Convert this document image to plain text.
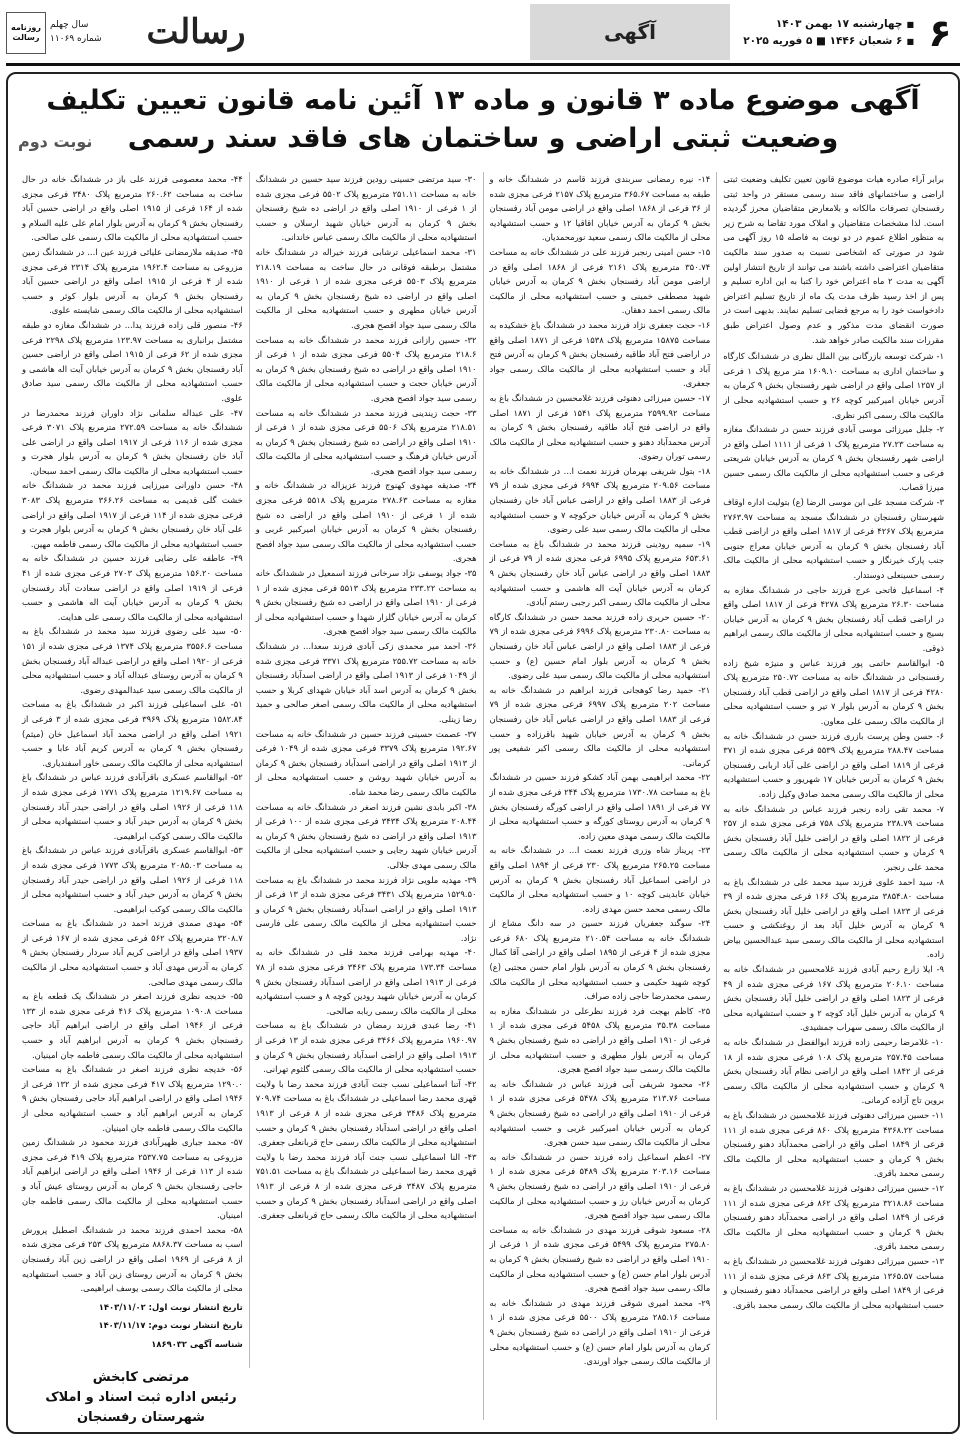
۶
■ چهارشنبه ۱۷ بهمن ۱۴۰۳
■ ۶ شعبان ۱۴۴۶ ■ ۵ فوریه ۲۰۲۵
آگهی
رسالت
سال چهلم
شماره ۱۱۰۶۹
روزنامه رسالت
آگهی موضوع ماده ۳ قانون و ماده ۱۳ آئین نامه قانون تعیین تکلیف وضعیت ثبتی اراضی و ساختمان های فاقد سند رسمی
نوبت دوم

برابر آراء صادره هیات موضوع قانون تعیین تکلیف وضعیت ثبتی اراضی و ساختمانهای فاقد سند رسمی مستقر در واحد ثبتی رفسنجان تصرفات مالکانه و بلامعارض متقاضیان محرز گردیده است. لذا مشخصات متقاضیان و املاک مورد تقاضا به شرح زیر به منظور اطلاع عموم در دو نوبت به فاصله ۱۵ روز آگهی می شود در صورتی که اشخاصی نسبت به صدور سند مالکیت متقاضیان اعتراضی داشته باشند می توانند از تاریخ انتشار اولین آگهی به مدت ۲ ماه اعتراض خود را کتبا به این اداره تسلیم و پس از اخذ رسید ظرف مدت یک ماه از تاریخ تسلیم اعتراض دادخواست خود را به مرجع قضایی تسلیم نمایند. بدیهی است در صورت انقضای مدت مذکور و عدم وصول اعتراض طبق مقررات سند مالکیت صادر خواهد شد.

۱- شرکت توسعه بازرگانی بین الملل نظری در ششدانگ کارگاه و ساختمان اداری به مساحت ۱۶۰۹.۱۰ متر مربع پلاک ۱ فرعی از ۱۲۵۷ اصلی واقع در اراضی شهر رفسنجان بخش ۹ کرمان به آدرس خیابان امیرکبیر کوچه ۲۶ و حسب استشهادیه محلی از مالکیت مالک رسمی اکبر نظری.

۲- جلیل میرزائی موسی آبادی فرزند حسن در ششدانگ مغازه به مساحت ۲۷.۲۳ مترمربع پلاک ۱ فرعی از ۱۱۱۱ اصلی واقع در اراضی شهر رفسنجان بخش ۹ کرمان به آدرس خیابان شریعتی فرعی و حسب استشهادیه محلی از مالکیت مالک رسمی حسین میرزا قصاب.

۳- شرکت مسجد علی ابن موسی الرضا (ع) بتولیت اداره اوقاف شهرستان رفسنجان در ششدانگ مسجد به مساحت ۲۷۶۳.۹۷ مترمربع پلاک ۴۲۶۷ فرعی از ۱۸۱۷ اصلی واقع در اراضی قطب آباد رفسنجان بخش ۹ کرمان به آدرس خیابان معراج جنوبی جنب پارک خیرنگار و حسب استشهادیه محلی از مالکیت مالک رسمی حسینعلی دوستدار.

۴- اسماعیل فاتحی عرج فرزند حاجی در ششدانگ مغازه به مساحت ۲۶.۳۰ مترمربع پلاک ۴۲۷۸ فرعی از ۱۸۱۷ اصلی واقع در اراضی قطب آباد رفسنجان بخش ۹ کرمان به آدرس خیابان بسیج و حسب استشهادیه محلی از مالکیت مالک رسمی ابراهیم ذوقی.

۵- ابوالقاسم حاتمی پور فرزند عباس و منیژه شیخ زاده رفسنجانی در ششدانگ خانه به مساحت ۲۵۰.۷۲ مترمربع پلاک ۴۲۸۰ فرعی از ۱۸۱۷ اصلی واقع در اراضی قطب آباد رفسنجان بخش ۹ کرمان به آدرس بلوار ۷ تیر و حسب استشهادیه محلی از مالکیت مالک رسمی علی معاون.

۶- حسن وطن پرست بازری فرزند حسن در ششدانگ خانه به مساحت ۲۸۸.۴۷ مترمربع پلاک ۵۵۳۹ فرعی مجزی شده از ۳۷۱ فرعی از ۱۸۱۹ اصلی واقع در اراضی علی آباد اربابی رفسنجان بخش ۹ کرمان به آدرس خیابان ۱۷ شهریور و حسب استشهادیه محلی از مالکیت مالک رسمی محمد صادق وکیل زاده.

۷- محمد تقی زاده رنجبر فرزند عباس در ششدانگ خانه به مساحت ۲۳۸.۷۹ مترمربع پلاک ۷۵۸ فرعی مجزی شده از ۲۵۷ فرعی از ۱۸۲۲ اصلی واقع در اراضی خلیل آباد رفسنجان بخش ۹ کرمان و حسب استشهادیه محلی از مالکیت مالک رسمی محمد علی رنجبر.

۸- سید احمد علوی فرزند سید محمد علی در ششدانگ باغ به مساحت ۳۸۵۴.۸۰ مترمربع پلاک ۱۶۶ فرعی مجزی شده از ۳۹ فرعی از ۱۸۲۳ اصلی واقع در اراضی خلیل آباد رفسنجان بخش ۹ کرمان به آدرس خلیل آباد بعد از روغنکشی و حسب استشهادیه محلی از مالکیت مالک رسمی سید عبدالحسین بیاض زاده.

۹- ایلا زارع رحیم آبادی فرزند غلامحسین در ششدانگ خانه به مساحت ۲۰۶.۱۰ مترمربع پلاک ۱۶۷ فرعی مجزی شده از ۴۹ فرعی از ۱۸۲۳ اصلی واقع در اراضی خلیل آباد رفسنجان بخش ۹ کرمان به آدرس خلیل آباد کوچه ۲ و حسب استشهادیه محلی از مالکیت مالک رسمی سهراب جمشیدی.

۱۰- غلامرضا رحیمی زاده فرزند ابوالفضل در ششدانگ خانه به مساحت ۲۵۷.۴۵ مترمربع پلاک ۱۰۸ فرعی مجزی شده از ۱۸ فرعی از ۱۸۴۲ اصلی واقع در اراضی نظام آباد رفسنجان بخش ۹ کرمان و حسب استشهادیه محلی از مالکیت مالک رسمی بروین تاج آزاده کرمانی.

۱۱- حسین میرزائی دهنوئی فرزند غلامحسین در ششدانگ باغ به مساحت ۴۳۶۸.۲۲ مترمربع پلاک ۸۶۰ فرعی مجزی شده از ۱۱۱ فرعی از ۱۸۴۹ اصلی واقع در اراضی محمدآباد دهنو رفسنجان بخش ۹ کرمان و حسب استشهادیه محلی از مالکیت مالک رسمی محمد باقری.

۱۲- حسین میرزائی دهنوئی فرزند غلامحسین در ششدانگ باغ به مساحت ۳۲۱۸.۸۶ مترمربع پلاک ۸۶۲ فرعی مجزی شده از ۱۱۱ فرعی از ۱۸۴۹ اصلی واقع در اراضی محمدآباد دهنو رفسنجان بخش ۹ کرمان و حسب استشهادیه محلی از مالکیت مالک رسمی محمد باقری.

۱۳- حسین میرزائی دهنوئی فرزند غلامحسین در ششدانگ باغ به مساحت ۱۳۶۵.۵۷ مترمربع پلاک ۸۶۳ فرعی مجزی شده از ۱۱۱ فرعی از ۱۸۴۹ اصلی واقع در اراضی محمدآباد دهنو رفسنجان و حسب استشهادیه محلی از مالکیت مالک رسمی محمد باقری.

۱۴- نیره رمضانی سربندی فرزند قاسم در ششدانگ خانه و طبقه به مساحت ۳۶۵.۶۷ مترمربع پلاک ۲۱۵۷ فرعی مجزی شده از ۳۶ فرعی از ۱۸۶۸ اصلی واقع در اراضی مومن آباد رفسنجان بخش ۹ کرمان به آدرس خیابان اقاقیا ۱۲ و حسب استشهادیه محلی از مالکیت مالک رسمی سعید نورمحمدیان.

۱۵- حسن امینی رنجبر فرزند علی در ششدانگ خانه به مساحت ۳۵۰.۷۴ مترمربع پلاک ۲۱۶۱ فرعی از ۱۸۶۸ اصلی واقع در اراضی مومن آباد رفسنجان بخش ۹ کرمان به آدرس خیابان شهید مصطفی خمینی و حسب استشهادیه محلی از مالکیت مالک رسمی احمد دهقان.

۱۶- حجت جعفری نژاد فرزند محمد در ششدانگ باغ خشکیده به مساحت ۱۵۸۷۵ مترمربع پلاک ۱۵۳۸ فرعی از ۱۸۷۱ اصلی واقع در اراضی فتح آباد طاقیه رفسنجان بخش ۹ کرمان به آدرس فتح آباد و حسب استشهادیه محلی از مالکیت مالک رسمی جواد جعفری.

۱۷- حسین میرزائی دهنوئی فرزند غلامحسین در ششدانگ باغ به مساحت ۲۵۹۹.۹۲ مترمربع پلاک ۱۵۴۱ فرعی از ۱۸۷۱ اصلی واقع در اراضی فتح آباد طاقیه رفسنجان بخش ۹ کرمان به آدرس محمدآباد دهنو و حسب استشهادیه محلی از مالکیت مالک رسمی توران رضوی.

۱۸- بتول شریفی بهرمان فرزند نعمت ا... در ششدانگ خانه به مساحت ۲۰۹.۵۶ مترمربع پلاک ۶۹۹۴ فرعی مجزی شده از ۷۹ فرعی از ۱۸۸۳ اصلی واقع در اراضی عباس آباد خان رفسنجان بخش ۹ کرمان به آدرس خیابان حرکوچه ۷ و حسب استشهادیه محلی از مالکیت مالک رسمی سید علی رضوی.

۱۹- سمیه رودینی فرزند محمد در ششدانگ باغ به مساحت ۶۵۳.۶۱ مترمربع پلاک ۶۹۹۵ فرعی مجزی شده از ۷۹ فرعی از ۱۸۸۳ اصلی واقع در اراضی عباس آباد خان رفسنجان بخش ۹ کرمان به آدرس خیابان آیت اله هاشمی و حسب استشهادیه محلی از مالکیت مالک رسمی اکبر رجبی رستم آبادی.

۲۰- حسین حریری زاده فرزند محمد حسن در ششدانگ کارگاه به مساحت ۲۳۰.۸۰ مترمربع پلاک ۶۹۹۶ فرعی مجزی شده از ۷۹ فرعی از ۱۸۸۳ اصلی واقع در اراضی عباس آباد خان رفسنجان بخش ۹ کرمان به آدرس بلوار امام حسین (ع) و حسب استشهادیه محلی از مالکیت مالک رسمی سید علی رضوی.

۲۱- حمید رضا کوهجانی فرزند ابراهیم در ششدانگ خانه به مساحت ۲۰۲ مترمربع پلاک ۶۹۹۷ فرعی مجزی شده از ۷۹ فرعی از ۱۸۸۳ اصلی واقع در اراضی عباس آباد خان رفسنجان بخش ۹ کرمان به آدرس خیابان شهید باقرزاده و حسب استشهادیه محلی از مالکیت مالک رسمی اکبر شفیعی پور کرمانی.

۲۲- محمد ابراهیمی بهمن آباد کشکو فرزند حسین در ششدانگ باغ به مساحت ۱۷۳۰.۷۸ مترمربع پلاک ۲۴۴ فرعی مجزی شده از ۷۷ فرعی از ۱۸۹۱ اصلی واقع در اراضی کورگه رفسنجان بخش ۹ کرمان به آدرس روستای کورگه و حسب استشهادیه محلی از مالکیت مالک رسمی مهدی معین زاده.

۲۳- پریناز شاه وزری فرزند نعمت ا... در ششدانگ خانه به مساحت ۲۶۵.۲۵ مترمربع پلاک ۲۳۰ فرعی از ۱۸۹۴ اصلی واقع در اراضی اسماعیل آباد رفسنجان بخش ۹ کرمان به آدرس خیابان عابدینی کوچه ۱۰ و حسب استشهادیه محلی از مالکیت مالک رسمی محمد حسن مهدی زاده.

۲۴- سوگند جعفریان فرزند حسین در سه دانگ مشاع از ششدانگ خانه به مساحت ۲۱۰.۵۴ مترمربع پلاک ۶۸۰ فرعی مجزی شده از ۴ فرعی از ۱۸۹۵ اصلی واقع در اراضی آقا کمال رفسنجان بخش ۹ کرمان به آدرس بلوار امام حسن مجتبی (ع) کوچه شهید حکیمی و حسب استشهادیه محلی از مالکیت مالک رسمی محمدرضا حاجی زاده صراف.

۲۵- کاظم بهجت فرد فرزند نظرعلی در ششدانگ مغازه به مساحت ۳۵.۳۸ مترمربع پلاک ۵۴۵۸ فرعی مجزی شده از ۱ فرعی از ۱۹۱۰ اصلی واقع در اراضی ده شیخ رفسنجان بخش ۹ کرمان به آدرس بلوار مطهری و حسب استشهادیه محلی از مالکیت مالک رسمی سید جواد افصح هجری.

۲۶- محمود شریفی آبی فرزند عباس در ششدانگ خانه به مساحت ۲۱۳.۷۶ مترمربع پلاک ۵۴۷۸ فرعی مجزی شده از ۱ فرعی از ۱۹۱۰ اصلی واقع در اراضی ده شیخ رفسنجان بخش ۹ کرمان به آدرس خیابان امیرکبیر غربی و حسب استشهادیه محلی از مالکیت مالک رسمی سید حسن هجری.

۲۷- اعظم اسماعیل زاده فرزند حسن در ششدانگ خانه به مساحت ۲۰۳.۱۶ مترمربع پلاک ۵۴۸۹ فرعی مجزی شده از ۱ فرعی از ۱۹۱۰ اصلی واقع در اراضی ده شیخ رفسنجان بخش ۹ کرمان به آدرس خیابان رز و حسب استشهادیه محلی از مالکیت مالک رسمی سید جواد افصح هجری.

۲۸- مسعود شوقی فرزند مهدی در ششدانگ خانه به مساحت ۲۷۵.۸۰ مترمربع پلاک ۵۴۹۹ فرعی مجزی شده از ۱ فرعی از ۱۹۱۰ اصلی واقع در اراضی ده شیخ رفسنجان بخش ۹ کرمان به آدرس بلوار امام حسن (ع) و حسب استشهادیه محلی از مالکیت مالک رسمی سید جواد افصح هجری.

۲۹- محمد امیری شوقی فرزند مهدی در ششدانگ خانه به مساحت ۲۸۵.۱۶ مترمربع پلاک ۵۵۰۰ فرعی مجزی شده از ۱ فرعی از ۱۹۱۰ اصلی واقع در اراضی ده شیخ رفسنجان بخش ۹ کرمان به آدرس بلوار امام حسن (ع) و حسب استشهادیه محلی از مالکیت مالک رسمی جواد اورندی.

۳۰- سید مرتضی حسینی رودین فرزند سید حسین در ششدانگ خانه به مساحت ۲۵۱.۱۱ مترمربع پلاک ۵۵۰۲ فرعی مجزی شده از ۱ فرعی از ۱۹۱۰ اصلی واقع در اراضی ده شیخ رفسنجان بخش ۹ کرمان به آدرس خیابان شهید ارسلان و حسب استشهادیه محلی از مالکیت مالک رسمی عباس خاندانی.

۳۱- محمد اسماعیلی ترشابی فرزند خیراله در ششدانگ خانه مشتمل برطبقه فوقانی در حال ساخت به مساحت ۲۱۸.۱۹ مترمربع پلاک ۵۵۰۳ فرعی مجزی شده از ۱ فرعی از ۱۹۱۰ اصلی واقع در اراضی ده شیخ رفسنجان بخش ۹ کرمان به آدرس خیابان مطهری و حسب استشهادیه محلی از مالکیت مالک رسمی سید جواد افصح هجری.

۳۲- حسین رازانی فرزند محمد در ششدانگ خانه به مساحت ۲۱۸.۶ مترمربع پلاک ۵۵۰۴ فرعی مجزی شده از ۱ فرعی از ۱۹۱۰ اصلی واقع در اراضی ده شیخ رفسنجان بخش ۹ کرمان به آدرس خیابان حجت و حسب استشهادیه محلی از مالکیت مالک رسمی سید جواد افصح هجری.

۳۳- حجت زیندینی فرزند محمد در ششدانگ خانه به مساحت ۲۱۸.۵۱ مترمربع پلاک ۵۵۰۶ فرعی مجزی شده از ۱ فرعی از ۱۹۱۰ اصلی واقع در اراضی ده شیخ رفسنجان بخش ۹ کرمان به آدرس خیابان فرهنگ و حسب استشهادیه محلی از مالکیت مالک رسمی سید جواد افصح هجری.

۳۴- صدیقه مهدوی کهنوج فرزند عزیزاله در ششدانگ خانه و مغازه به مساحت ۲۷۸.۶۳ مترمربع پلاک ۵۵۱۸ فرعی مجزی شده از ۱ فرعی از ۱۹۱۰ اصلی واقع در اراضی ده شیخ رفسنجان بخش ۹ کرمان به آدرس خیابان امیرکبیر غربی و حسب استشهادیه محلی از مالکیت مالک رسمی سید جواد افصح هجری.

۳۵- جواد یوسفی نژاد سرخانی فرزند اسمعیل در ششدانگ خانه به مساحت ۲۳۳.۲۲ مترمربع پلاک ۵۵۱۳ فرعی مجزی شده از ۱ فرعی از ۱۹۱۰ اصلی واقع در اراضی ده شیخ رفسنجان بخش ۹ کرمان به آدرس خیابان گلزار شهدا و حسب استشهادیه محلی از مالکیت مالک رسمی سید جواد افصح هجری.

۳۶- احمد میر محمدی زکی آبادی فرزند سعدا... در ششدانگ خانه به مساحت ۲۵۵.۷۲ مترمربع پلاک ۳۳۷۱ فرعی مجزی شده از ۱۰۴۹ فرعی از ۱۹۱۳ اصلی واقع در اراضی اسدآباد رفسنجان بخش ۹ کرمان به آدرس اسد آباد خیابان شهدای کربلا و حسب استشهادیه محلی از مالکیت مالک رسمی اصغر صالحی و حمید رضا زینلی.

۳۷- عصمت حسینی فرزند حسین در ششدانگ خانه به مساحت ۱۹۲.۶۷ مترمربع پلاک ۳۳۷۹ فرعی مجزی شده از ۱۰۴۹ فرعی از ۱۹۱۳ اصلی واقع در اراضی اسدآباد رفسنجان بخش ۹ کرمان به آدرس خیابان شهید روشن و حسب استشهادیه محلی از مالکیت مالک رسمی رضا محمد شاه.

۳۸- اکبر بابدی نشین فرزند اصغر در ششدانگ خانه به مساحت ۲۰۸.۴۴ مترمربع پلاک ۳۴۳۴ فرعی مجزی شده از ۱۰۰ فرعی از ۱۹۱۳ اصلی واقع در اراضی ده شیخ رفسنجان بخش ۹ کرمان به آدرس خیابان شهید رجایی و حسب استشهادیه محلی از مالکیت مالک رسمی مهدی جلالی.

۳۹- مهدیه ملویی نژاد فرزند محمد در ششدانگ باغ به مساحت ۱۵۲۹.۵۰ مترمربع پلاک ۳۴۳۱ فرعی مجزی شده از ۱۳ فرعی از ۱۹۱۳ اصلی واقع در اراضی اسدآباد رفسنجان بخش ۹ کرمان و حسب استشهادیه محلی از مالکیت مالک رسمی علی فارسی نژاد.

۴۰- مهدیه بهرامی فرزند محمد قلی در ششدانگ خانه به مساحت ۱۷۳.۳۴ مترمربع پلاک ۳۴۶۳ فرعی مجزی شده از ۷۸ فرعی از ۱۹۱۳ اصلی واقع در اراضی اسدآباد رفسنجان بخش ۹ کرمان به آدرس خیابان شهید رودین کوچه ۸ و حسب استشهادیه محلی از مالکیت مالک رسمی ربابه صالحی.

۴۱- رضا عبدی فرزند رمضان در ششدانگ باغ به مساحت ۱۹۶۰.۹۷ مترمربع پلاک ۳۴۶۶ فرعی مجزی شده از ۱۳ فرعی از ۱۹۱۳ اصلی واقع در اراضی اسدآباد رفسنجان بخش ۹ کرمان و حسب استشهادیه محلی از مالکیت مالک رسمی گلثوم تهرانی.

۴۲- آتنا اسماعیلی نسب جنت آبادی فرزند محمد رضا با ولایت قهری محمد رضا اسماعیلی در ششدانگ باغ به مساحت ۷۰۹.۷۴ مترمربع پلاک ۳۴۸۶ فرعی مجزی شده از ۸ فرعی از ۱۹۱۳ اصلی واقع در اراضی اسدآباد رفسنجان بخش ۹ کرمان و حسب استشهادیه محلی از مالکیت مالک رسمی حاج قربانعلی جعفری.

۴۳- النا اسماعیلی نسب جنت آباد فرزند محمد رضا با ولایت قهری محمد رضا اسماعیلی در ششدانگ باغ به مساحت ۷۵۱.۵۱ مترمربع پلاک ۳۴۸۷ فرعی مجزی شده از ۸ فرعی از ۱۹۱۳ اصلی واقع در اراضی اسدآباد رفسنجان بخش ۹ کرمان و حسب استشهادیه محلی از مالکیت مالک رسمی حاج قربانعلی جعفری.

۴۴- محمد معصومی فرزند علی باز در ششدانگ خانه در حال ساخت به مساحت ۲۶۰.۶۲ مترمربع پلاک ۳۴۸۰ فرعی مجزی شده از ۱۶۴ فرعی از ۱۹۱۵ اصلی واقع در اراضی حسین آباد رفسنجان بخش ۹ کرمان به آدرس بلوار امام علی علیه السلام و حسب استشهادیه محلی از مالکیت مالک رسمی علی صالحی.

۴۵- صدیقه ملارمضانی علیائی فرزند عین ا... در ششدانگ زمین مزروعی به مساحت ۱۹۶۲.۴ مترمربع پلاک ۲۳۱۴ فرعی مجزی شده از ۴ فرعی از ۱۹۱۵ اصلی واقع در اراضی حسین آباد رفسنجان بخش ۹ کرمان به آدرس بلوار کوثر و حسب استشهادیه محلی از مالکیت مالک رسمی شایسته علوی.

۴۶- منصور قلی زاده فرزند یدا... در ششدانگ مغازه دو طبقه مشتمل برانباری به مساحت ۱۲۳.۹۷ مترمربع پلاک ۲۲۹۸ فرعی مجزی شده از ۶۲ فرعی از ۱۹۱۵ اصلی واقع در اراضی حسین آباد رفسنجان بخش ۹ کرمان به آدرس خیابان آیت اله هاشمی و حسب استشهادیه محلی از مالکیت مالک رسمی سید صادق علوی.

۴۷- علی عبداله سلمانی نژاد داوران فرزند محمدرضا در ششدانگ خانه به مساحت ۲۷۲.۵۹ مترمربع پلاک ۳۰۷۱ فرعی مجزی شده از ۱۱۶ فرعی از ۱۹۱۷ اصلی واقع در اراضی علی آباد خان رفسنجان بخش ۹ کرمان به آدرس بلوار هجرت و حسب استشهادیه محلی از مالکیت مالک رسمی احمد سبحان.

۴۸- حسن داورانی میرزایی فرزند محمد در ششدانگ خانه خشت گلی قدیمی به مساحت ۳۶۶.۲۶ مترمربع پلاک ۳۰۸۳ فرعی مجزی شده از ۱۱۴ فرعی از ۱۹۱۷ اصلی واقع در اراضی علی آباد خان رفسنجان بخش ۹ کرمان به آدرس بلوار هجرت و حسب استشهادیه محلی از مالکیت مالک رسمی فاطمه مهین.

۴۹- عاطفه علی رضایی فرزند حسین در ششدانگ خانه به مساحت ۱۵۶.۲۰ مترمربع پلاک ۲۷۰۳ فرعی مجزی شده از ۴۱ فرعی از ۱۹۱۹ اصلی واقع در اراضی سعادت آباد رفسنجان بخش ۹ کرمان به آدرس خیابان آیت اله هاشمی و حسب استشهادیه محلی از مالکیت مالک رسمی علی هدایت.

۵۰- سید علی رضوی فرزند سید محمد در ششدانگ باغ به مساحت ۳۵۵۶.۶ مترمربع پلاک ۱۳۷۴ فرعی مجزی شده از ۱۵۱ فرعی از ۱۹۲۰ اصلی واقع در اراضی عبداله آباد رفسنجان بخش ۹ کرمان به آدرس روستای عبداله آباد و حسب استشهادیه محلی از مالکیت مالک رسمی سید عبدالمهدی رضوی.

۵۱- علی اسماعیلی فرزند اکبر در ششدانگ باغ به مساحت ۱۵۸۲.۸۴ مترمربع پلاک ۳۹۶۹ فرعی مجزی شده از ۳ فرعی از ۱۹۲۱ اصلی واقع در اراضی محمد آباد اسماعیل خان (میثم) رفسنجان بخش ۹ کرمان به آدرس کریم آباد عابا و حسب استشهادیه محلی از مالکیت مالک رسمی خاور اسفندیاری.

۵۲- ابوالقاسم عسکری باقرآبادی فرزند عباس در ششدانگ باغ به مساحت ۱۲۱۹.۶۷ مترمربع پلاک ۱۷۷۱ فرعی مجزی شده از ۱۱۸ فرعی از ۱۹۲۶ اصلی واقع در اراضی حیدر آباد رفسنجان بخش ۹ کرمان به آدرس حیدر آباد و حسب استشهادیه محلی از مالکیت مالک رسمی کوکب ابراهیمی.

۵۳- ابوالقاسم عسکری باقرآبادی فرزند عباس در ششدانگ باغ به مساحت ۲۰۸۵.۰۳ مترمربع پلاک ۱۷۷۳ فرعی مجزی شده از ۱۱۸ فرعی از ۱۹۲۶ اصلی واقع در اراضی حیدر آباد رفسنجان بخش ۹ کرمان به آدرس حیدر آباد و حسب استشهادیه محلی از مالکیت مالک رسمی کوکب ابراهیمی.

۵۴- مهدی صمدی فرزند احمد در ششدانگ باغ به مساحت ۳۲۰۸.۷ مترمربع پلاک ۵۶۲ فرعی مجزی شده از ۱۶۷ فرعی از ۱۹۳۷ اصلی واقع در اراضی کریم آباد سردار رفسنجان بخش ۹ کرمان به آدرس مهدی آباد و حسب استشهادیه محلی از مالکیت مالک رسمی مهدی صالحی.

۵۵- خدیجه نظری فرزند اصغر در ششدانگ یک قطعه باغ به مساحت ۱۰۹۰.۸ مترمربع پلاک ۴۱۶ فرعی مجزی شده از ۱۳۳ فرعی از ۱۹۴۶ اصلی واقع در اراضی ابراهیم آباد حاجی رفسنجان بخش ۹ کرمان به آدرس ابراهیم آباد و حسب استشهادیه محلی از مالکیت مالک رسمی فاطمه جان امینیان.

۵۶- خدیجه نظری فرزند اصغر در ششدانگ باغ به مساحت ۱۲۹۰.۰ مترمربع پلاک ۴۱۷ فرعی مجزی شده از ۱۳۲ فرعی از ۱۹۴۶ اصلی واقع در اراضی ابراهیم آباد حاجی رفسنجان بخش ۹ کرمان به آدرس ابراهیم آباد و حسب استشهادیه محلی از مالکیت مالک رسمی فاطمه جان امینیان.

۵۷- محمد جباری ظهیرآبادی فرزند محمود در ششدانگ زمین مزروعی به مساحت ۲۵۳۷.۷۵ مترمربع پلاک ۴۱۹ فرعی مجزی شده از ۱۱۳ فرعی از ۱۹۴۶ اصلی واقع در اراضی ابراهیم آباد حاجی رفسنجان بخش ۹ کرمان به آدرس روستای عیش آباد و حسب استشهادیه محلی از مالکیت مالک رسمی فاطمه جان امینیان.

۵۸- محمد احمدی فرزند محمد در ششدانگ اصطبل پرورش اسب به مساحت ۸۸۶۸.۳۷ مترمربع پلاک ۲۵۳ فرعی مجزی شده از ۸ فرعی از ۱۹۶۹ اصلی واقع در اراضی زین آباد رفسنجان بخش ۹ کرمان به آدرس روستای زین آباد و حسب استشهادیه محلی از مالکیت مالک رسمی یوسف ابراهیمی.

تاریخ انتشار نوبت اول: ۱۴۰۳/۱۱/۰۲
تاریخ انتشار نوبت دوم: ۱۴۰۳/۱۱/۱۷
شناسه آگهی ۱۸۶۹۰۳۲
مرتضی کابخش
رئیس اداره ثبت اسناد و املاک شهرستان رفسنجان
